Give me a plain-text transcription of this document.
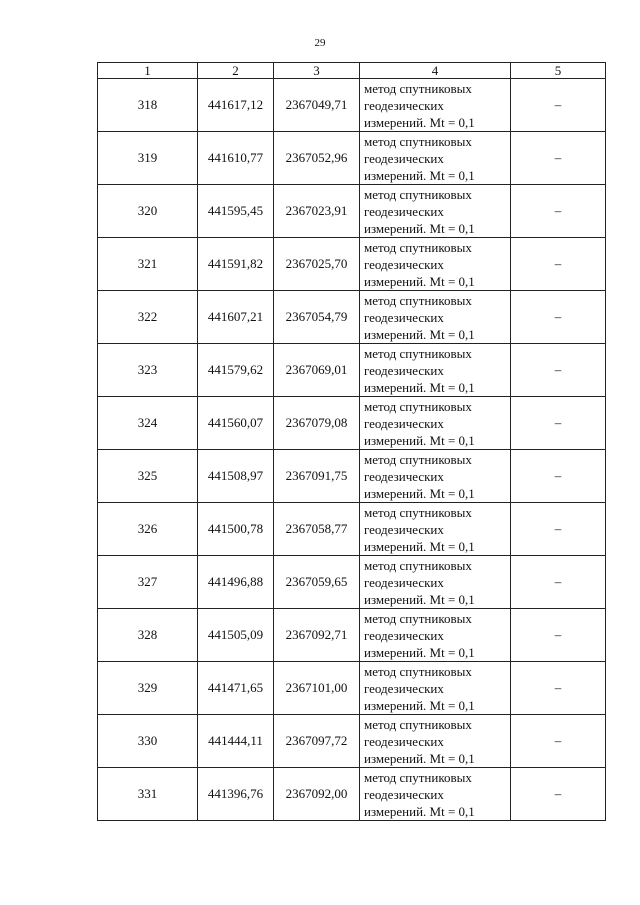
29
1	2	3	4	5
318	441617,12	2367049,71	метод спутниковых
геодезических
измерений. Mt = 0,1	–
319	441610,77	2367052,96	метод спутниковых
геодезических
измерений. Mt = 0,1	–
320	441595,45	2367023,91	метод спутниковых
геодезических
измерений. Mt = 0,1	–
321	441591,82	2367025,70	метод спутниковых
геодезических
измерений. Mt = 0,1	–
322	441607,21	2367054,79	метод спутниковых
геодезических
измерений. Mt = 0,1	–
323	441579,62	2367069,01	метод спутниковых
геодезических
измерений. Mt = 0,1	–
324	441560,07	2367079,08	метод спутниковых
геодезических
измерений. Mt = 0,1	–
325	441508,97	2367091,75	метод спутниковых
геодезических
измерений. Mt = 0,1	–
326	441500,78	2367058,77	метод спутниковых
геодезических
измерений. Mt = 0,1	–
327	441496,88	2367059,65	метод спутниковых
геодезических
измерений. Mt = 0,1	–
328	441505,09	2367092,71	метод спутниковых
геодезических
измерений. Mt = 0,1	–
329	441471,65	2367101,00	метод спутниковых
геодезических
измерений. Mt = 0,1	–
330	441444,11	2367097,72	метод спутниковых
геодезических
измерений. Mt = 0,1	–
331	441396,76	2367092,00	метод спутниковых
геодезических
измерений. Mt = 0,1	–
